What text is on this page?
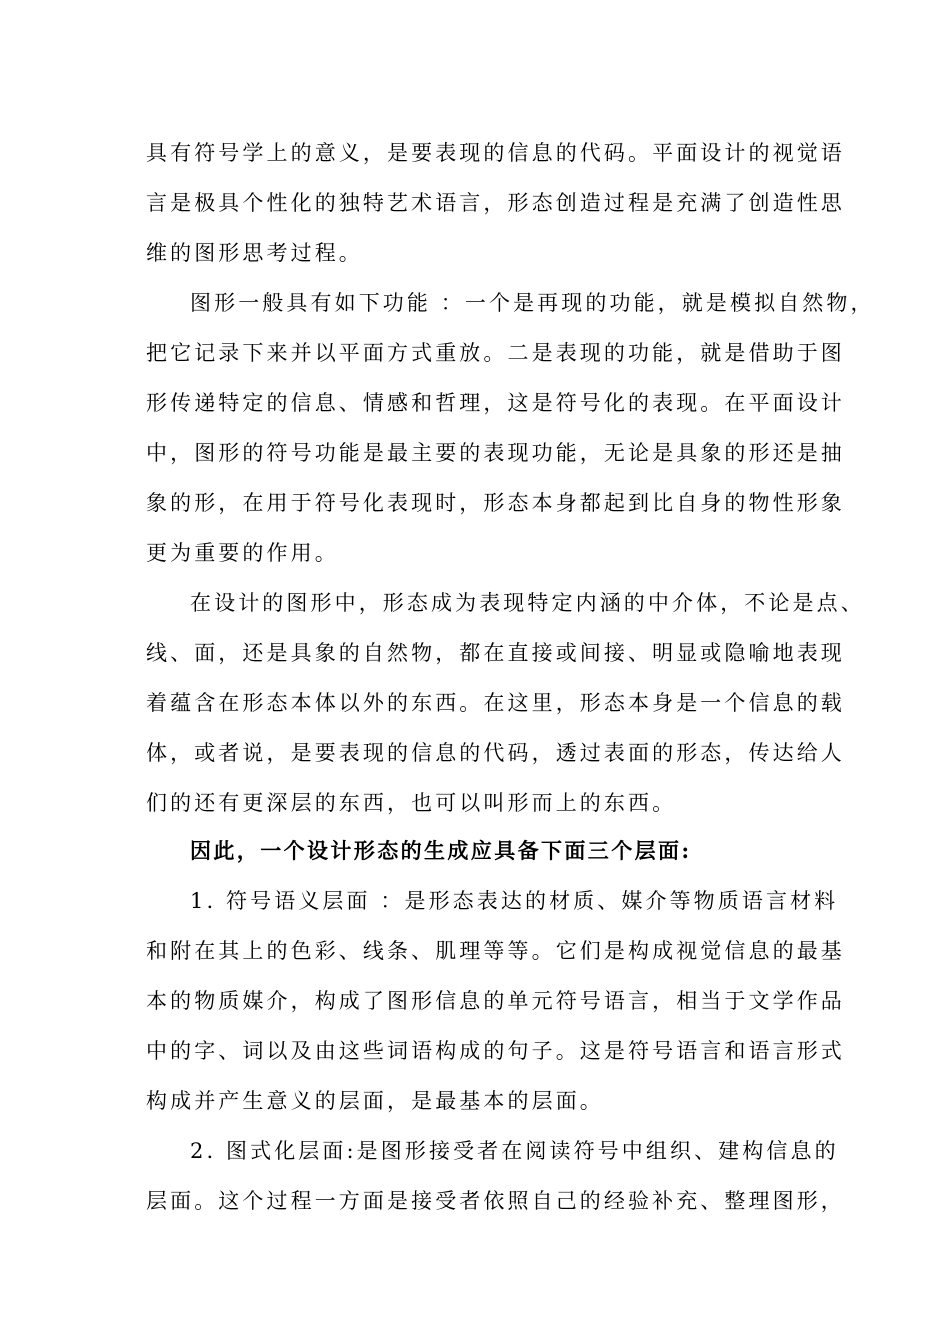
具有符号学上的意义，是要表现的信息的代码。平面设计的视觉语
言是极具个性化的独特艺术语言，形态创造过程是充满了创造性思
维的图形思考过程。
图形一般具有如下功能 ：一个是再现的功能，就是模拟自然物，
把它记录下来并以平面方式重放。二是表现的功能，就是借助于图
形传递特定的信息、情感和哲理，这是符号化的表现。在平面设计
中，图形的符号功能是最主要的表现功能，无论是具象的形还是抽
象的形，在用于符号化表现时，形态本身都起到比自身的物性形象
更为重要的作用。
在设计的图形中，形态成为表现特定内涵的中介体，不论是点、
线、面，还是具象的自然物，都在直接或间接、明显或隐喻地表现
着蕴含在形态本体以外的东西。在这里，形态本身是一个信息的载
体，或者说，是要表现的信息的代码，透过表面的形态，传达给人
们的还有更深层的东西，也可以叫形而上的东西。
因此，一个设计形态的生成应具备下面三个层面:
1. 符号语义层面 ：是形态表达的材质、媒介等物质语言材料
和附在其上的色彩、线条、肌理等等。它们是构成视觉信息的最基
本的物质媒介，构成了图形信息的单元符号语言，相当于文学作品
中的字、词以及由这些词语构成的句子。这是符号语言和语言形式
构成并产生意义的层面，是最基本的层面。
2. 图式化层面:是图形接受者在阅读符号中组织、建构信息的
层面。这个过程一方面是接受者依照自己的经验补充、整理图形，
